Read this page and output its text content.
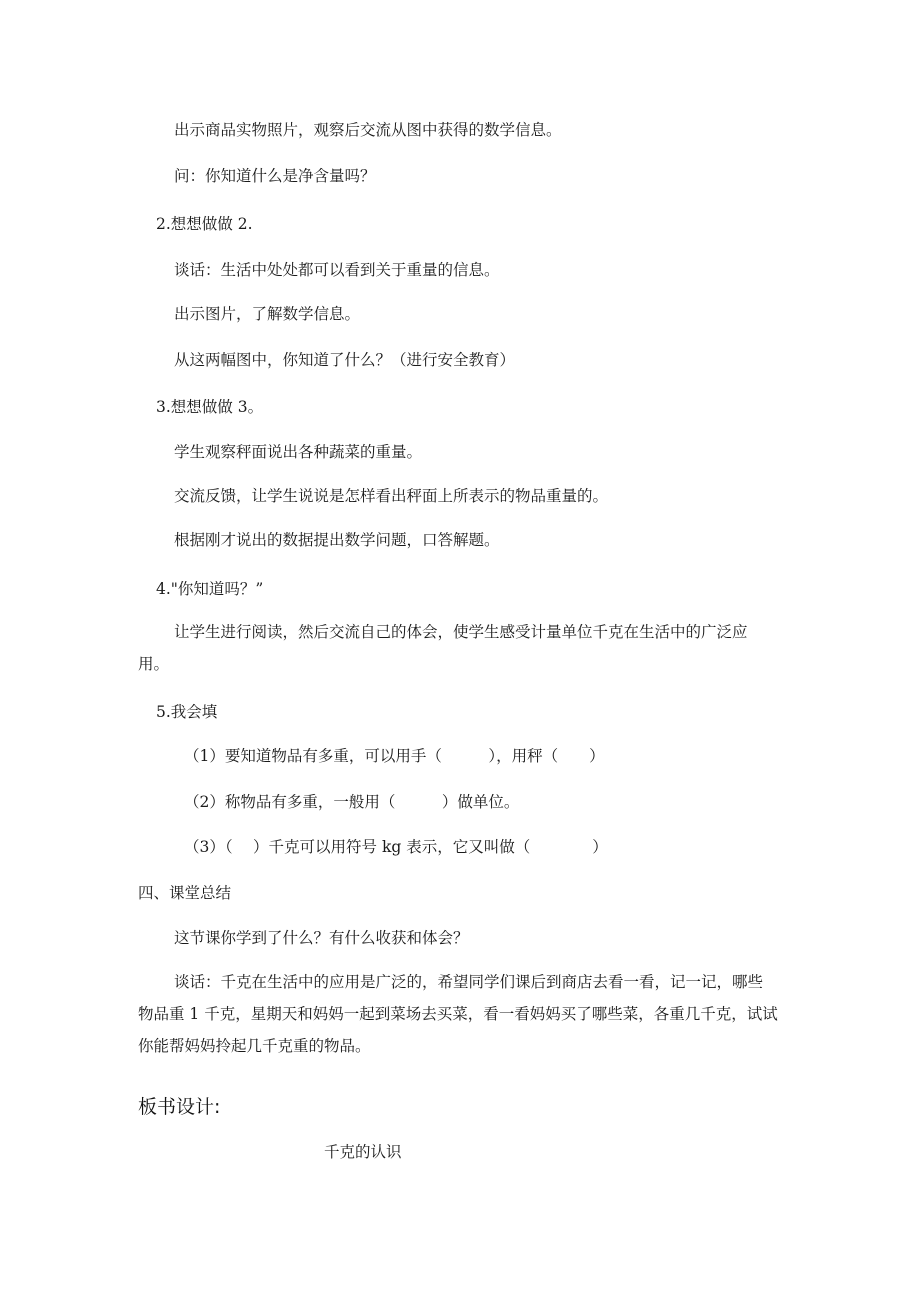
出示商品实物照片，观察后交流从图中获得的数学信息。

问：你知道什么是净含量吗？

2.想想做做 2.

谈话：生活中处处都可以看到关于重量的信息。

出示图片，了解数学信息。

从这两幅图中，你知道了什么？（进行安全教育）

3.想想做做 3。

学生观察秤面说出各种蔬菜的重量。

交流反馈，让学生说说是怎样看出秤面上所表示的物品重量的。

根据刚才说出的数据提出数学问题，口答解题。

4."你知道吗？”

让学生进行阅读，然后交流自己的体会，使学生感受计量单位千克在生活中的广泛应用。

5.我会填

（1）要知道物品有多重，可以用手（　　　），用秤（　　）

（2）称物品有多重，一般用（　　　）做单位。

（3）（　 ）千克可以用符号 kg 表示，它又叫做（　　　　）

四、课堂总结

这节课你学到了什么？有什么收获和体会？

谈话：千克在生活中的应用是广泛的，希望同学们课后到商店去看一看，记一记，哪些物品重 1 千克，星期天和妈妈一起到菜场去买菜，看一看妈妈买了哪些菜，各重几千克，试试你能帮妈妈拎起几千克重的物品。

板书设计:

千克的认识
